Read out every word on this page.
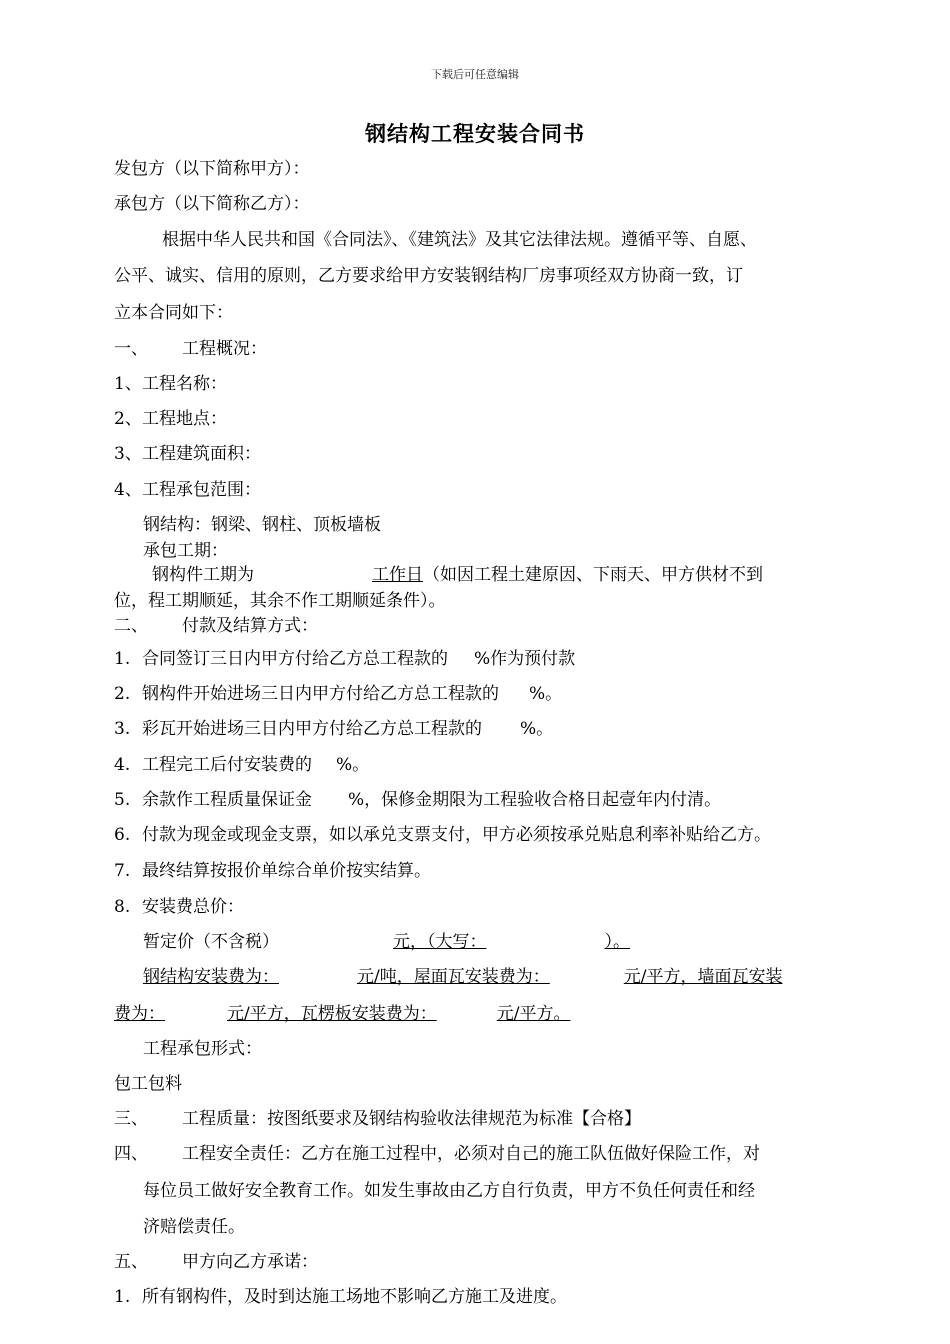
下载后可任意编辑
钢结构工程安装合同书
发包方（以下简称甲方）：
承包方（以下简称乙方）：
根据中华人民共和国《合同法》、《建筑法》及其它法律法规。遵循平等、自愿、
公平、诚实、信用的原则，乙方要求给甲方安装钢结构厂房事项经双方协商一致，订
立本合同如下：
一、 工程概况：
1、工程名称：
2、工程地点：
3、工程建筑面积：
4、工程承包范围：
钢结构：钢梁、钢柱、顶板墙板
承包工期：
钢构件工期为	工作日（如因工程土建原因、下雨天、甲方供材不到
位，程工期顺延，其余不作工期顺延条件）。
二、 付款及结算方式：
1. 合同签订三日内甲方付给乙方总工程款的 %作为预付款
2. 钢构件开始进场三日内甲方付给乙方总工程款的 %。
3. 彩瓦开始进场三日内甲方付给乙方总工程款的 %。
4. 工程完工后付安装费的 %。
5. 余款作工程质量保证金 %，保修金期限为工程验收合格日起壹年内付清。
6. 付款为现金或现金支票，如以承兑支票支付，甲方必须按承兑贴息利率补贴给乙方。
7. 最终结算按报价单综合单价按实结算。
8. 安装费总价：
暂定价（不含税）	元，（大写：	）。
钢结构安装费为：	元/吨，屋面瓦安装费为：	元/平方，墙面瓦安装
费为：	元/平方，瓦楞板安装费为：	元/平方。
工程承包形式：
包工包料
三、 工程质量：按图纸要求及钢结构验收法律规范为标准【合格】
四、 工程安全责任：乙方在施工过程中，必须对自己的施工队伍做好保险工作，对
每位员工做好安全教育工作。如发生事故由乙方自行负责，甲方不负任何责任和经
济赔偿责任。
五、 甲方向乙方承诺：
1. 所有钢构件，及时到达施工场地不影响乙方施工及进度。
